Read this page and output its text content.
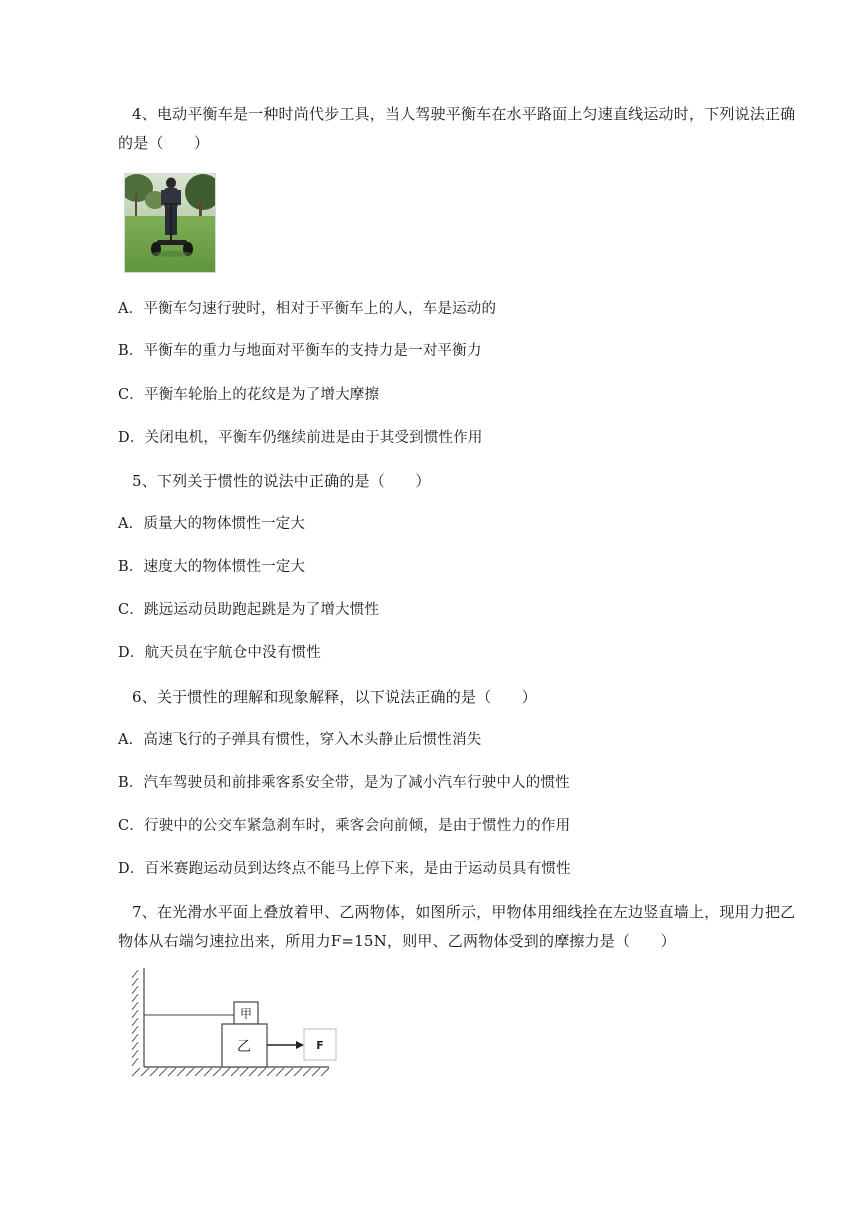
4、电动平衡车是一种时尚代步工具，当人驾驶平衡车在水平路面上匀速直线运动时，下列说法正确的是（　　）
A．平衡车匀速行驶时，相对于平衡车上的人，车是运动的
B．平衡车的重力与地面对平衡车的支持力是一对平衡力
C．平衡车轮胎上的花纹是为了增大摩擦
D．关闭电机，平衡车仍继续前进是由于其受到惯性作用
5、下列关于惯性的说法中正确的是（　　）
A．质量大的物体惯性一定大
B．速度大的物体惯性一定大
C．跳远运动员助跑起跳是为了增大惯性
D．航天员在宇航仓中没有惯性
6、关于惯性的理解和现象解释，以下说法正确的是（　　）
A．高速飞行的子弹具有惯性，穿入木头静止后惯性消失
B．汽车驾驶员和前排乘客系安全带，是为了减小汽车行驶中人的惯性
C．行驶中的公交车紧急刹车时，乘客会向前倾，是由于惯性力的作用
D．百米赛跑运动员到达终点不能马上停下来，是由于运动员具有惯性
7、在光滑水平面上叠放着甲、乙两物体，如图所示，甲物体用细线拴在左边竖直墙上，现用力把乙物体从右端匀速拉出来，所用力F=15N，则甲、乙两物体受到的摩擦力是（　　）
甲
乙	F
